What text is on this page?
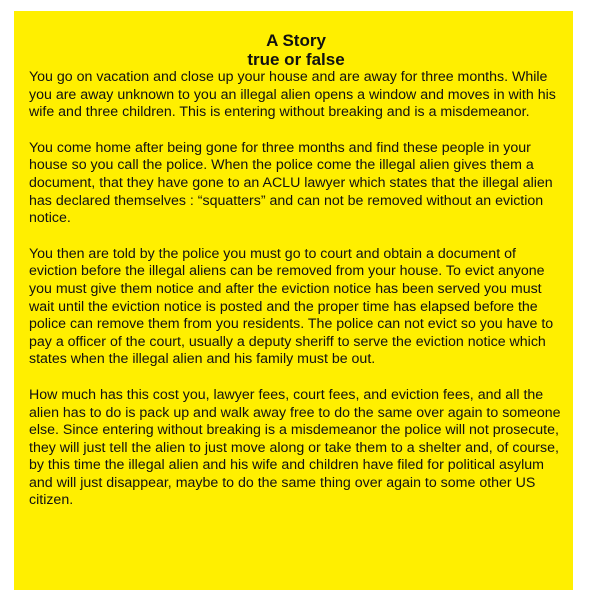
A Story

true or false

You go on vacation and close up your house and are away for three months. While you are away unknown to you an illegal alien opens a window and moves in with his wife and three children. This is entering without breaking and is a misdemeanor.

You come home after being gone for three months and find these people in your house so you call the police. When the police come the illegal alien gives them a document, that they have gone to an ACLU lawyer which states that the illegal alien has declared themselves : “squatters” and can not be removed without an eviction notice.

You then are told by the police you must go to court and obtain a document of eviction before the illegal aliens can be removed from your house. To evict anyone you must give them notice and after the eviction notice has been served you must wait until the eviction notice is posted and the proper time has elapsed before the police can remove them from you residents. The police can not evict so you have to pay a officer of the court, usually a deputy sheriff to serve the eviction notice which states when the illegal alien and his family must be out.

How much has this cost you, lawyer fees, court fees, and eviction fees, and all the alien has to do is pack up and walk away free to do the same over again to someone else. Since entering without breaking is a misdemeanor the police will not prosecute, they will just tell the alien to just move along or take them to a shelter and, of course, by this time the illegal alien and his wife and children have filed for political asylum and will just disappear, maybe to do the same thing over again to some other US citizen.
